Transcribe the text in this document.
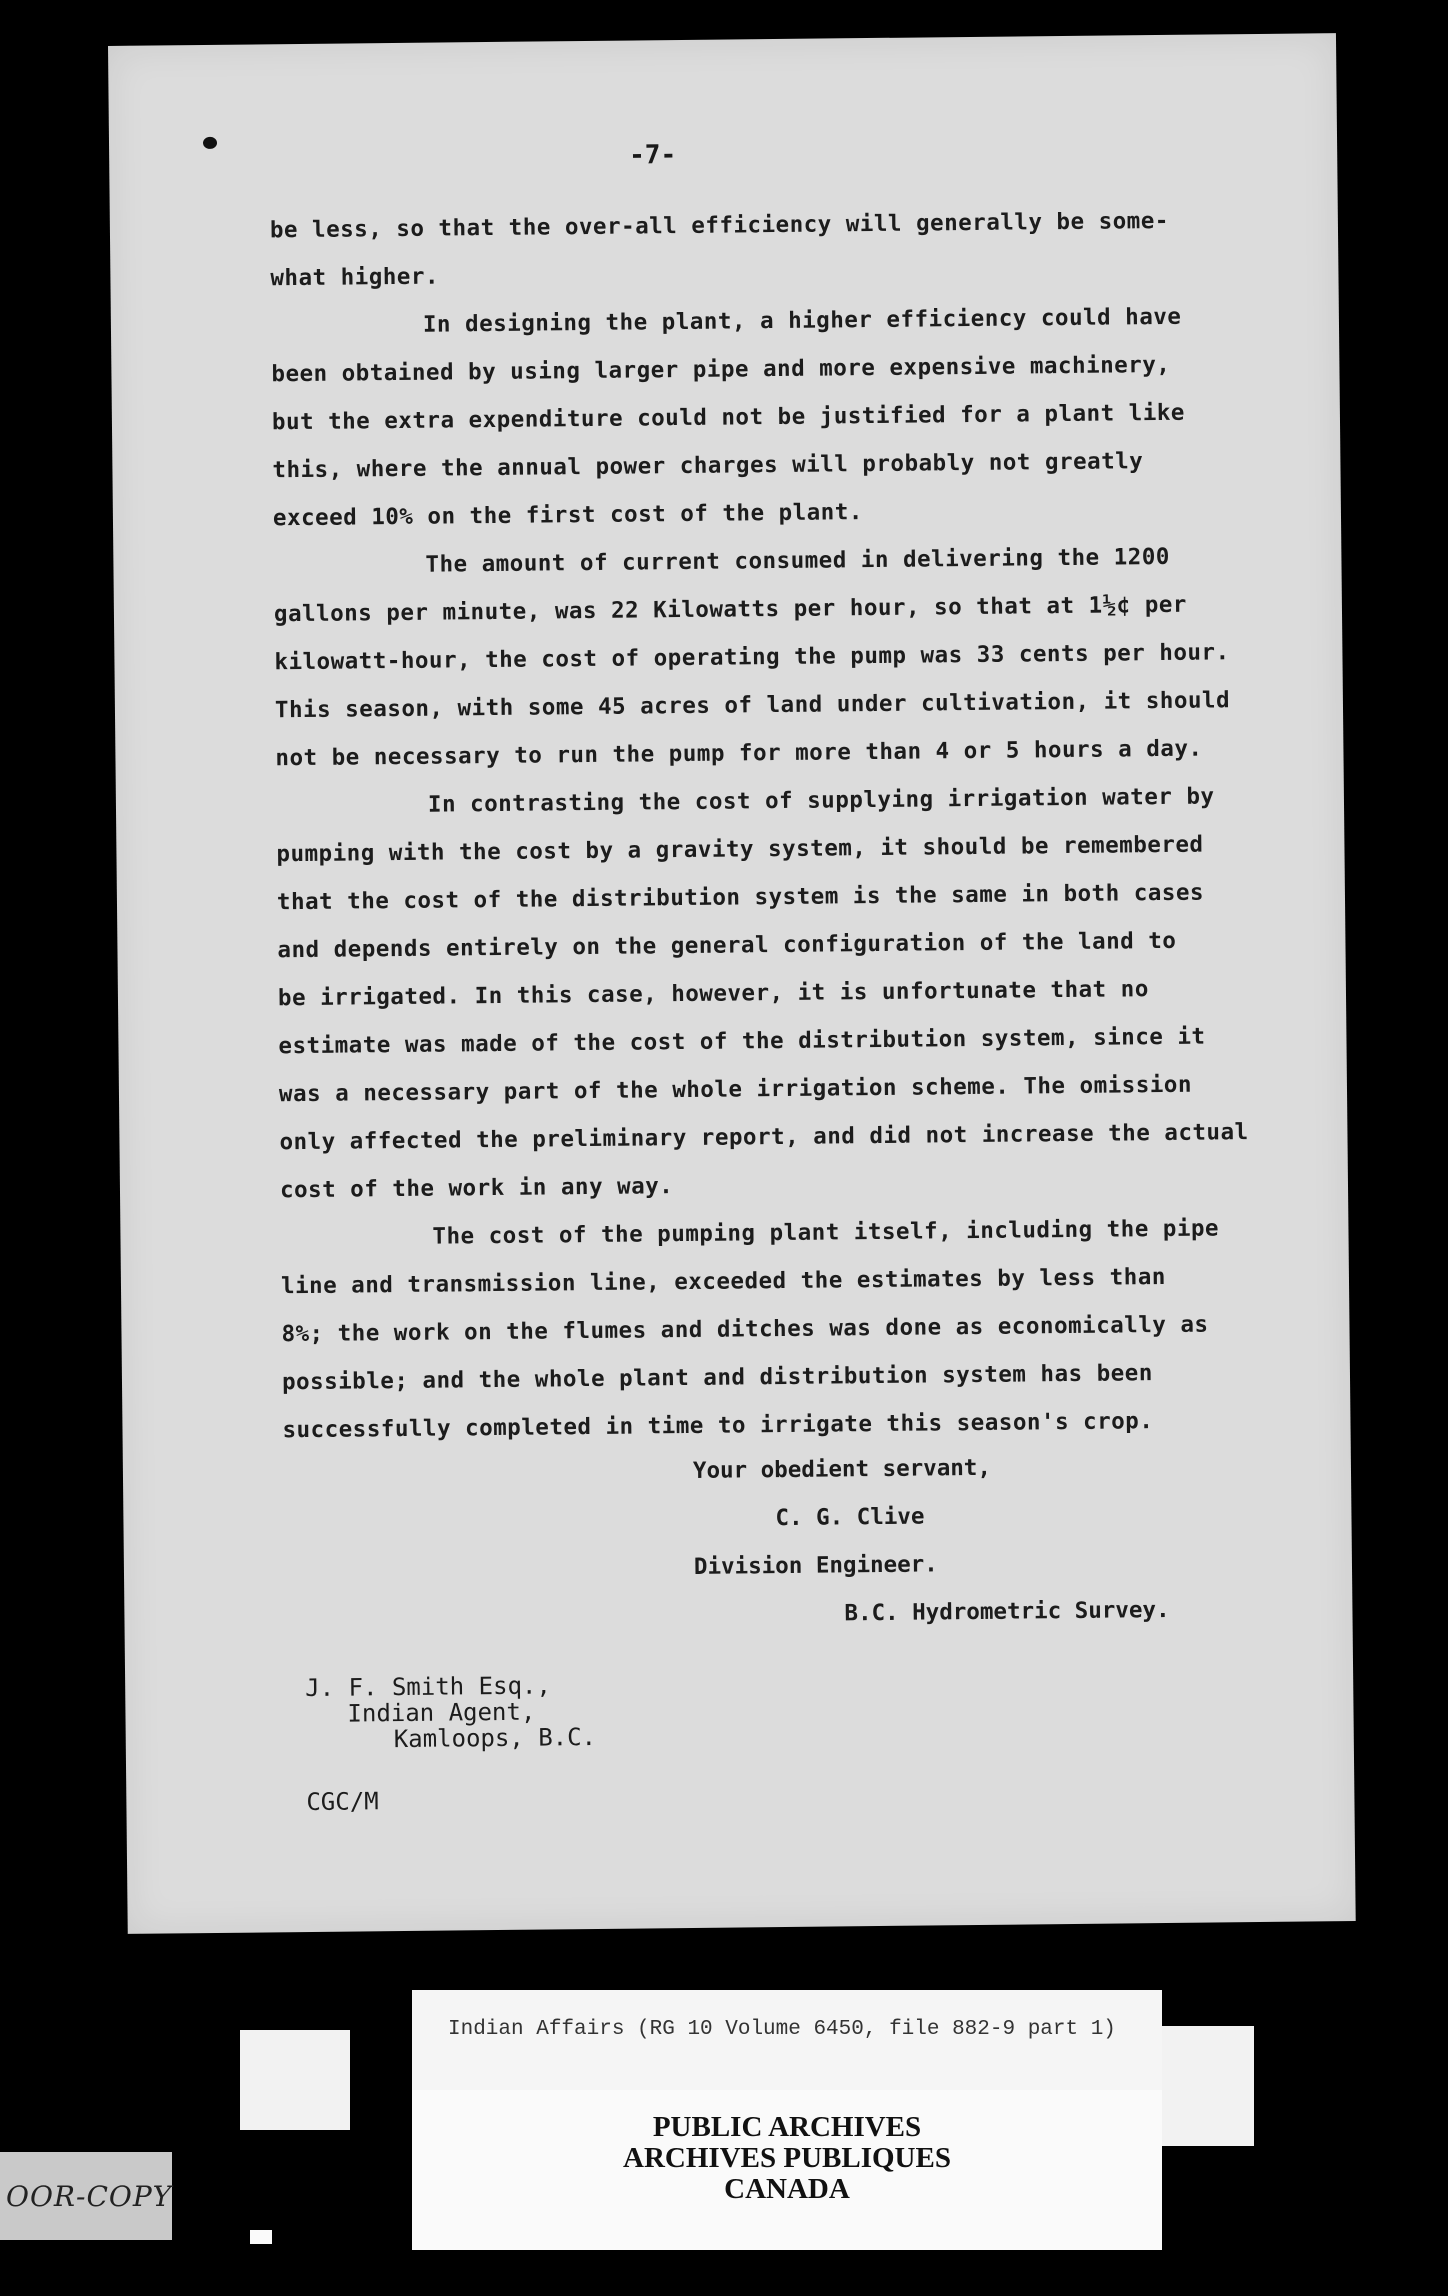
-7-
be less, so that the over-all efficiency will generally be some-
what higher.
In designing the plant, a higher efficiency could have
been obtained by using larger pipe and more expensive machinery,
but the extra expenditure could not be justified for a plant like
this, where the annual power charges will probably not greatly
exceed 10% on the first cost of the plant.
The amount of current consumed in delivering the 1200
gallons per minute, was 22 Kilowatts per hour, so that at 1½¢ per
kilowatt-hour, the cost of operating the pump was 33 cents per hour.
This season, with some 45 acres of land under cultivation, it should
not be necessary to run the pump for more than 4 or 5 hours a day.
In contrasting the cost of supplying irrigation water by
pumping with the cost by a gravity system, it should be remembered
that the cost of the distribution system is the same in both cases
and depends entirely on the general configuration of the land to
be irrigated. In this case, however, it is unfortunate that no
estimate was made of the cost of the distribution system, since it
was a necessary part of the whole irrigation scheme. The omission
only affected the preliminary report, and did not increase the actual
cost of the work in any way.
The cost of the pumping plant itself, including the pipe
line and transmission line, exceeded the estimates by less than
8%; the work on the flumes and ditches was done as economically as
possible; and the whole plant and distribution system has been
successfully completed in time to irrigate this season's crop.
Your obedient servant,
C. G. Clive
Division Engineer.
B.C. Hydrometric Survey.
J. F. Smith Esq.,
Indian Agent,
Kamloops, B.C.
CGC/M
Indian Affairs (RG 10 Volume 6450, file 882-9 part 1)
PUBLIC ARCHIVES
ARCHIVES PUBLIQUES
CANADA
OOR-COPY
